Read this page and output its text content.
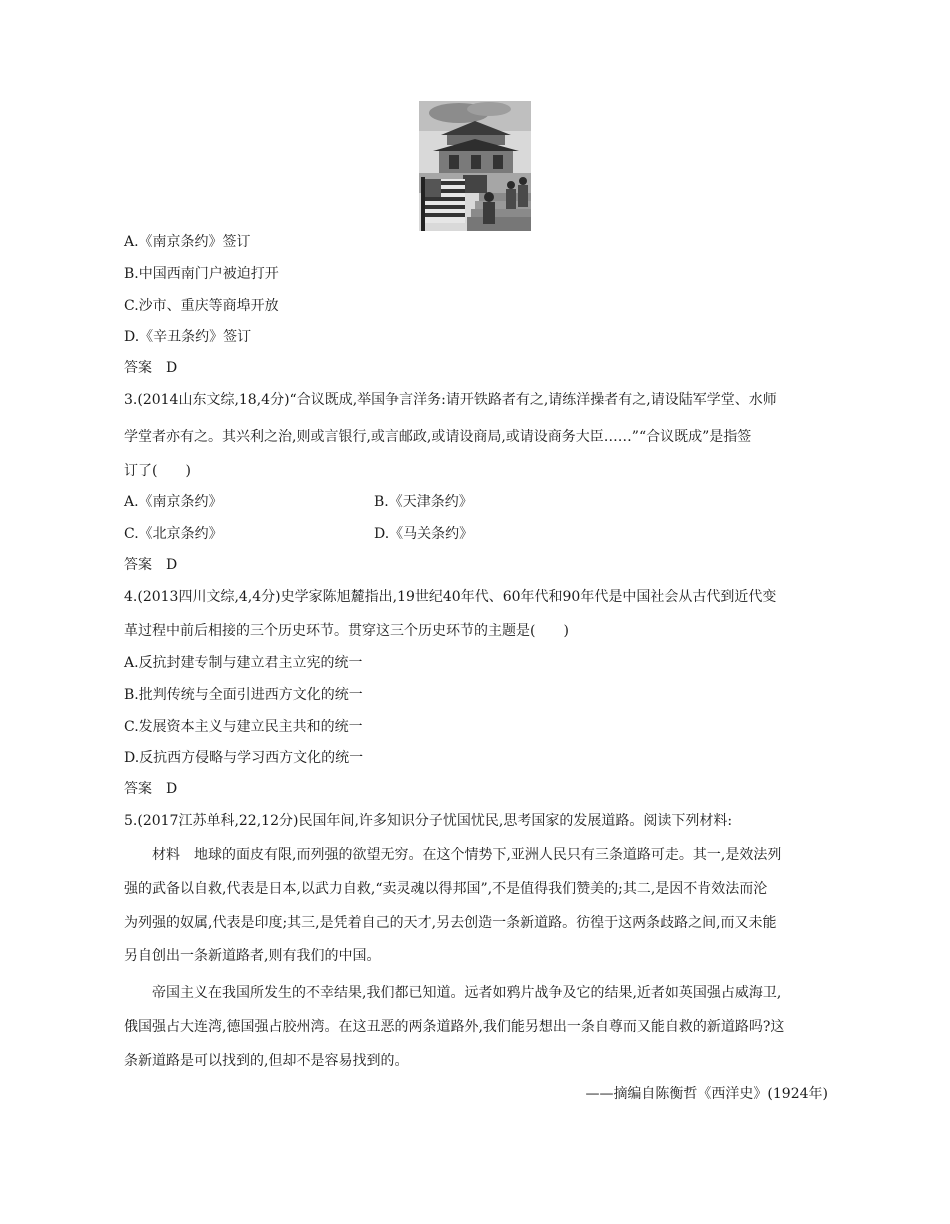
A.《南京条约》签订
B.中国西南门户被迫打开
C.沙市、重庆等商埠开放
D.《辛丑条约》签订
答案　D
3.(2014山东文综,18,4分)“合议既成,举国争言洋务:请开铁路者有之,请练洋操者有之,请设陆军学堂、水师
学堂者亦有之。其兴利之治,则或言银行,或言邮政,或请设商局,或请设商务大臣……”“合议既成”是指签
订了(　　)
A.《南京条约》	B.《天津条约》
C.《北京条约》	D.《马关条约》
答案　D
4.(2013四川文综,4,4分)史学家陈旭麓指出,19世纪40年代、60年代和90年代是中国社会从古代到近代变
革过程中前后相接的三个历史环节。贯穿这三个历史环节的主题是(　　)
A.反抗封建专制与建立君主立宪的统一
B.批判传统与全面引进西方文化的统一
C.发展资本主义与建立民主共和的统一
D.反抗西方侵略与学习西方文化的统一
答案　D
5.(2017江苏单科,22,12分)民国年间,许多知识分子忧国忧民,思考国家的发展道路。阅读下列材料:
材料　地球的面皮有限,而列强的欲望无穷。在这个情势下,亚洲人民只有三条道路可走。其一,是效法列
强的武备以自救,代表是日本,以武力自救,“卖灵魂以得邦国”,不是值得我们赞美的;其二,是因不肯效法而沦
为列强的奴属,代表是印度;其三,是凭着自己的天才,另去创造一条新道路。彷徨于这两条歧路之间,而又未能
另自创出一条新道路者,则有我们的中国。
帝国主义在我国所发生的不幸结果,我们都已知道。远者如鸦片战争及它的结果,近者如英国强占威海卫,
俄国强占大连湾,德国强占胶州湾。在这丑恶的两条道路外,我们能另想出一条自尊而又能自救的新道路吗?这
条新道路是可以找到的,但却不是容易找到的。
——摘编自陈衡哲《西洋史》(1924年)
